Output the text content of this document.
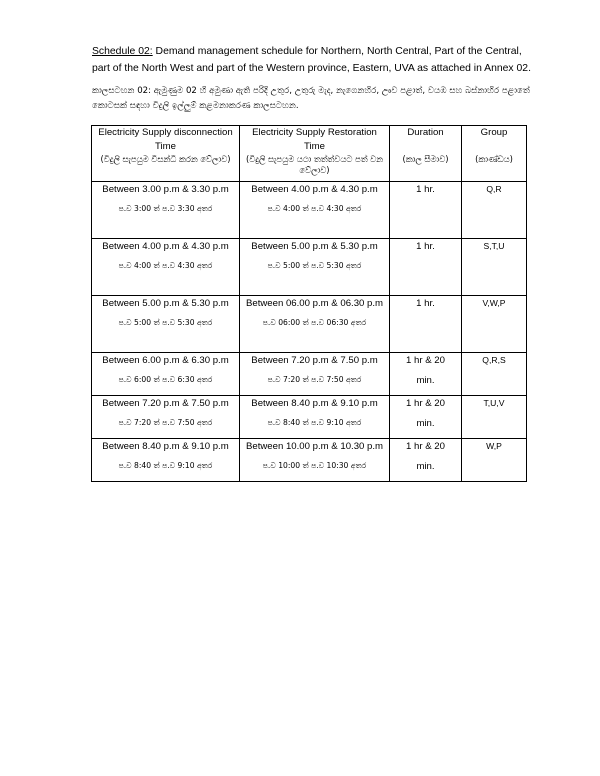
Schedule 02: Demand management schedule for Northern, North Central, Part of the Central, part of the North West and part of the Western province, Eastern, UVA as attached in Annex 02.
කාලසටහන 02: ඇමුණුම 02 හි අමුණා ඇති පරිදි උතුර, උතුරු මැද, නැගෙනහිර, ඌව පළාත්, වයඹ සහ බස්නාහිර පළාතේ කොටසක් සඳහා විදුලි ඉල්ලුම් කළමනාකරණ කාලසටහන.
Electricity Supply disconnection Time
(විදුලි සැපයුම විසන්ධි කරන වේලාව)	Electricity Supply Restoration Time
(විදුලි සැපයුම යථා තත්ත්වයට පත් වන වේලාව)	Duration
(කාල සීමාව)	Group
(කාණ්ඩය)

Between 3.00 p.m & 3.30 p.m
ප.ව 3:00 ත් ප.ව 3:30 අතර	Between 4.00 p.m & 4.30 p.m
ප.ව 4:00 ත් ප.ව 4:30 අතර	1 hr.	Q,R

Between 4.00 p.m & 4.30 p.m
ප.ව 4:00 ත් ප.ව 4:30 අතර	Between 5.00 p.m & 5.30 p.m
ප.ව 5:00 ත් ප.ව 5:30 අතර	1 hr.	S,T,U

Between 5.00 p.m & 5.30 p.m
ප.ව 5:00 ත් ප.ව 5:30 අතර	Between 06.00 p.m & 06.30 p.m
ප.ව 06:00 ත් ප.ව 06:30 අතර	1 hr.	V,W,P

Between 6.00 p.m & 6.30 p.m
ප.ව 6:00 ත් ප.ව 6:30 අතර	Between 7.20 p.m & 7.50 p.m
ප.ව 7:20 ත් ප.ව 7:50 අතර	1 hr & 20
min.	Q,R,S

Between 7.20 p.m & 7.50 p.m
ප.ව 7:20 ත් ප.ව 7:50 අතර	Between 8.40 p.m & 9.10 p.m
ප.ව 8:40 ත් ප.ව 9:10 අතර	1 hr & 20
min.	T,U,V

Between 8.40 p.m & 9.10 p.m
ප.ව 8:40 ත් ප.ව 9:10 අතර	Between 10.00 p.m & 10.30 p.m
ප.ව 10:00 ත් ප.ව 10:30 අතර	1 hr & 20
min.	W,P
